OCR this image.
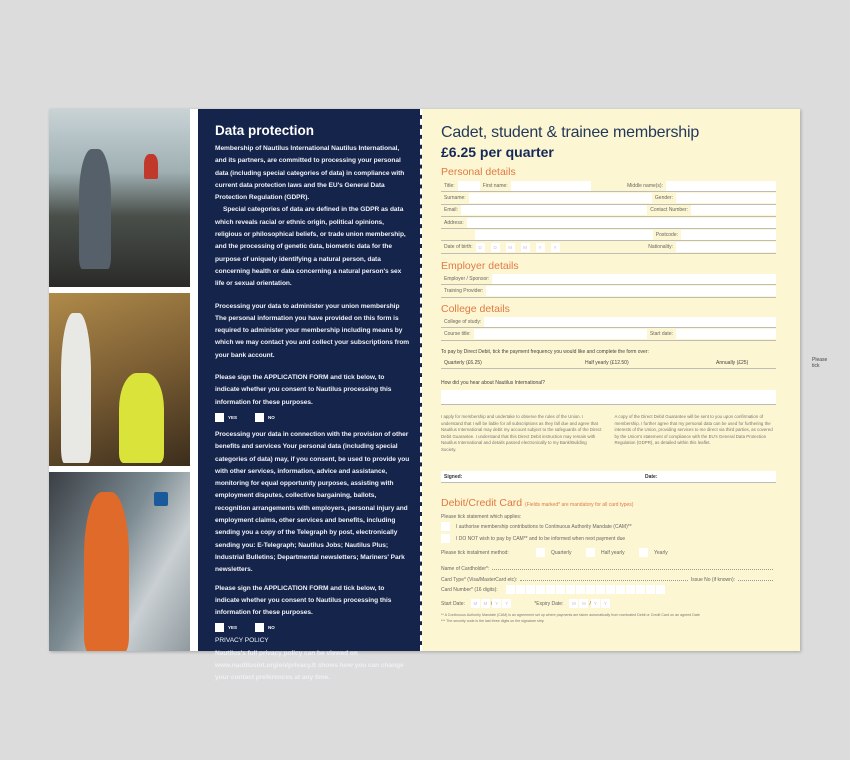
Data protection

Membership of Nautilus International Nautilus International, and its partners, are committed to processing your personal data (including special categories of data) in compliance with current data protection laws and the EU's General Data Protection Regulation (GDPR).

Special categories of data are defined in the GDPR as data which reveals racial or ethnic origin, political opinions, religious or philosophical beliefs, or trade union membership, and the processing of genetic data, biometric data for the purpose of uniquely identifying a natural person, data concerning health or data concerning a natural person's sex life or sexual orientation.

Processing your data to administer your union membership The personal information you have provided on this form is required to administer your membership including means by which we may contact you and collect your subscriptions from your bank account.

Please sign the APPLICATION FORM and tick below, to indicate whether you consent to Nautilus processing this information for these purposes.

YES	NO

Processing your data in connection with the provision of other benefits and services Your personal data (including special categories of data) may, if you consent, be used to provide you with other services, information, advice and assistance, monitoring for equal opportunity purposes, assisting with employment disputes, collective bargaining, ballots, recognition arrangements with employers, personal injury and employment claims, other services and benefits, including sending you a copy of the Telegraph by post, electronically sending you: E-Telegraph; Nautilus Jobs; Nautilus Plus; Industrial Bulletins; Departmental newsletters; Mariners' Park newsletters.

Please sign the APPLICATION FORM and tick below, to indicate whether you consent to Nautilus processing this information for these purposes.

YES	NO

PRIVACY POLICY

Nautilus's full privacy policy can be viewed on www.nautilusint.org/en/privacy.It shows how you can change your contact preferences at any time.

Cadet, student & trainee membership
£6.25 per quarter
Personal details
Title:	First name:	Middle name(s):
Surname:	Gender:
Email:	Contact Number:
Address:
Postcode:
Date of birth:	D	D	M	M	Y	Y	Nationality:
Employer details
Employer / Sponsor:
Training Provider:
College details
College of study:
Course title:	Start date:
To pay by Direct Debit, tick the payment frequency you would like and complete the form over:
Quarterly (£6.25)	Half yearly (£12.50)	Annually (£25)	Please tick
How did you hear about Nautilus International?
I apply for membership and undertake to observe the rules of the Union. I understand that I will be liable for all subscriptions as they fall due and agree that Nautilus International may debit my account subject to the safeguards of the Direct Debit Guarantee. I understand that this Direct Debit instruction may remain with Nautilus International and details passed electronically to my Bank/Building Society.
A copy of the Direct Debit Guarantee will be sent to you upon confirmation of membership. I further agree that my personal data can be used for furthering the interests of the Union, providing services to me direct via third parties, as covered by the Union's statement of compliance with the EU's General Data Protection Regulation (GDPR), as detailed within this leaflet.
Signed:	Date:
Debit/Credit Card (Fields marked* are mandatory for all card types)
Please tick statement which applies:
I authorise membership contributions to Continuous Authority Mandate (CAM)**
I DO NOT wish to pay by CAM** and to be informed when next payment due
Please tick instalment method:	Quarterly	Half yearly	Yearly
Name of Cardholder*:
Card Type* (Visa/MasterCard etc):	Issue No (if known):
Card Number* (16 digits):
Start Date:	M	M	Y	Y	*Expiry Date:	M	M	Y	Y
** A Continuous Authority Mandate (CAM) is an agreement set up where payments are taken automatically from nominated Debit or Credit Card on an agreed Date
*** The security code is the last three digits on the signature strip
